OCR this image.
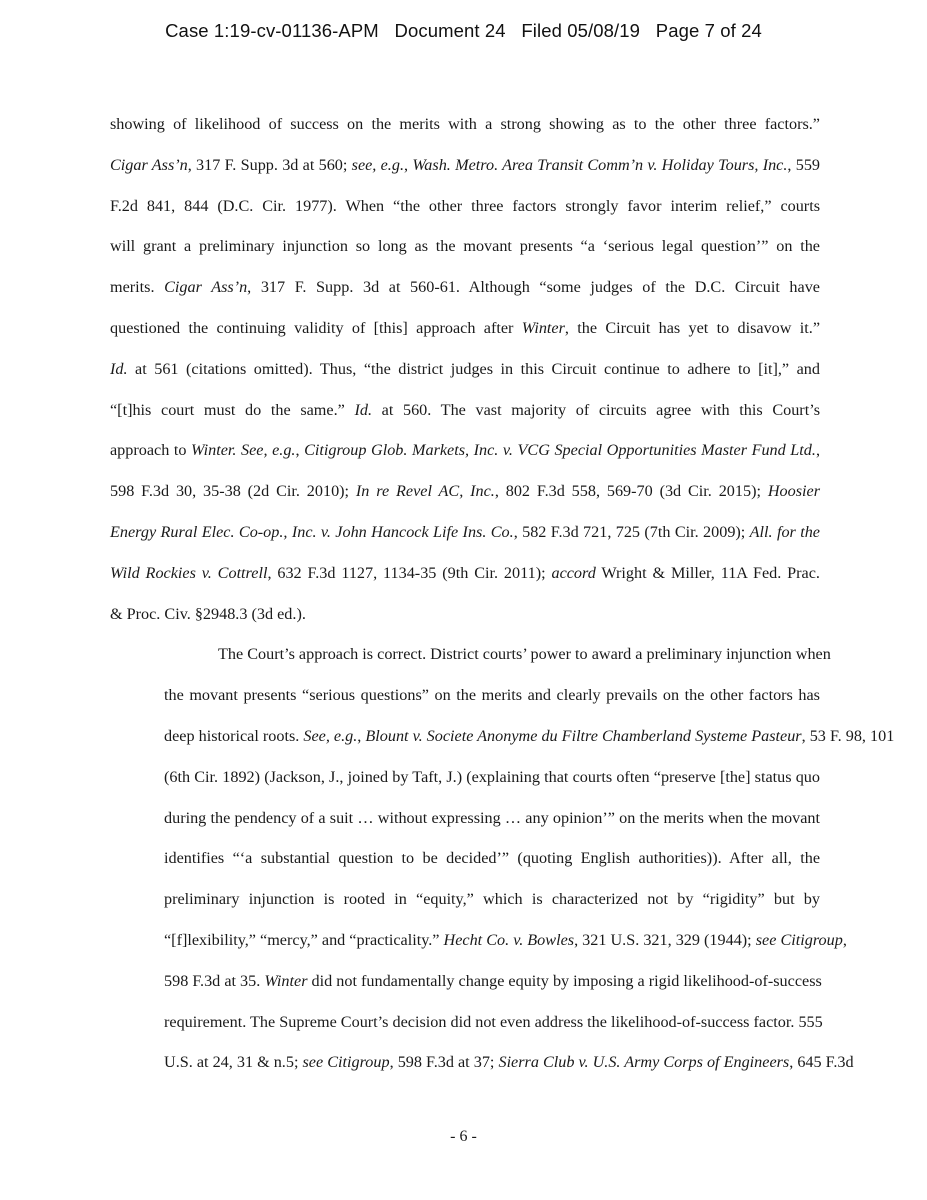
Case 1:19-cv-01136-APM Document 24 Filed 05/08/19 Page 7 of 24
showing of likelihood of success on the merits with a strong showing as to the other three factors.”
Cigar Ass’n, 317 F. Supp. 3d at 560; see, e.g., Wash. Metro. Area Transit Comm’n v. Holiday Tours, Inc., 559
F.2d 841, 844 (D.C. Cir. 1977). When “the other three factors strongly favor interim relief,” courts
will grant a preliminary injunction so long as the movant presents “a ‘serious legal question’” on the
merits. Cigar Ass’n, 317 F. Supp. 3d at 560-61. Although “some judges of the D.C. Circuit have
questioned the continuing validity of [this] approach after Winter, the Circuit has yet to disavow it.”
Id. at 561 (citations omitted). Thus, “the district judges in this Circuit continue to adhere to [it],” and
“[t]his court must do the same.” Id. at 560. The vast majority of circuits agree with this Court’s
approach to Winter. See, e.g., Citigroup Glob. Markets, Inc. v. VCG Special Opportunities Master Fund Ltd.,
598 F.3d 30, 35-38 (2d Cir. 2010); In re Revel AC, Inc., 802 F.3d 558, 569-70 (3d Cir. 2015); Hoosier
Energy Rural Elec. Co-op., Inc. v. John Hancock Life Ins. Co., 582 F.3d 721, 725 (7th Cir. 2009); All. for the
Wild Rockies v. Cottrell, 632 F.3d 1127, 1134-35 (9th Cir. 2011); accord Wright & Miller, 11A Fed. Prac.
& Proc. Civ. §2948.3 (3d ed.).
The Court’s approach is correct. District courts’ power to award a preliminary injunction when
the movant presents “serious questions” on the merits and clearly prevails on the other factors has
deep historical roots. See, e.g., Blount v. Societe Anonyme du Filtre Chamberland Systeme Pasteur, 53 F. 98, 101
(6th Cir. 1892) (Jackson, J., joined by Taft, J.) (explaining that courts often “preserve [the] status quo
during the pendency of a suit … without expressing … any opinion’” on the merits when the movant
identifies “‘a substantial question to be decided’” (quoting English authorities)). After all, the
preliminary injunction is rooted in “equity,” which is characterized not by “rigidity” but by
“[f]lexibility,” “mercy,” and “practicality.” Hecht Co. v. Bowles, 321 U.S. 321, 329 (1944); see Citigroup,
598 F.3d at 35. Winter did not fundamentally change equity by imposing a rigid likelihood-of-success
requirement. The Supreme Court’s decision did not even address the likelihood-of-success factor. 555
U.S. at 24, 31 & n.5; see Citigroup, 598 F.3d at 37; Sierra Club v. U.S. Army Corps of Engineers, 645 F.3d
- 6 -
